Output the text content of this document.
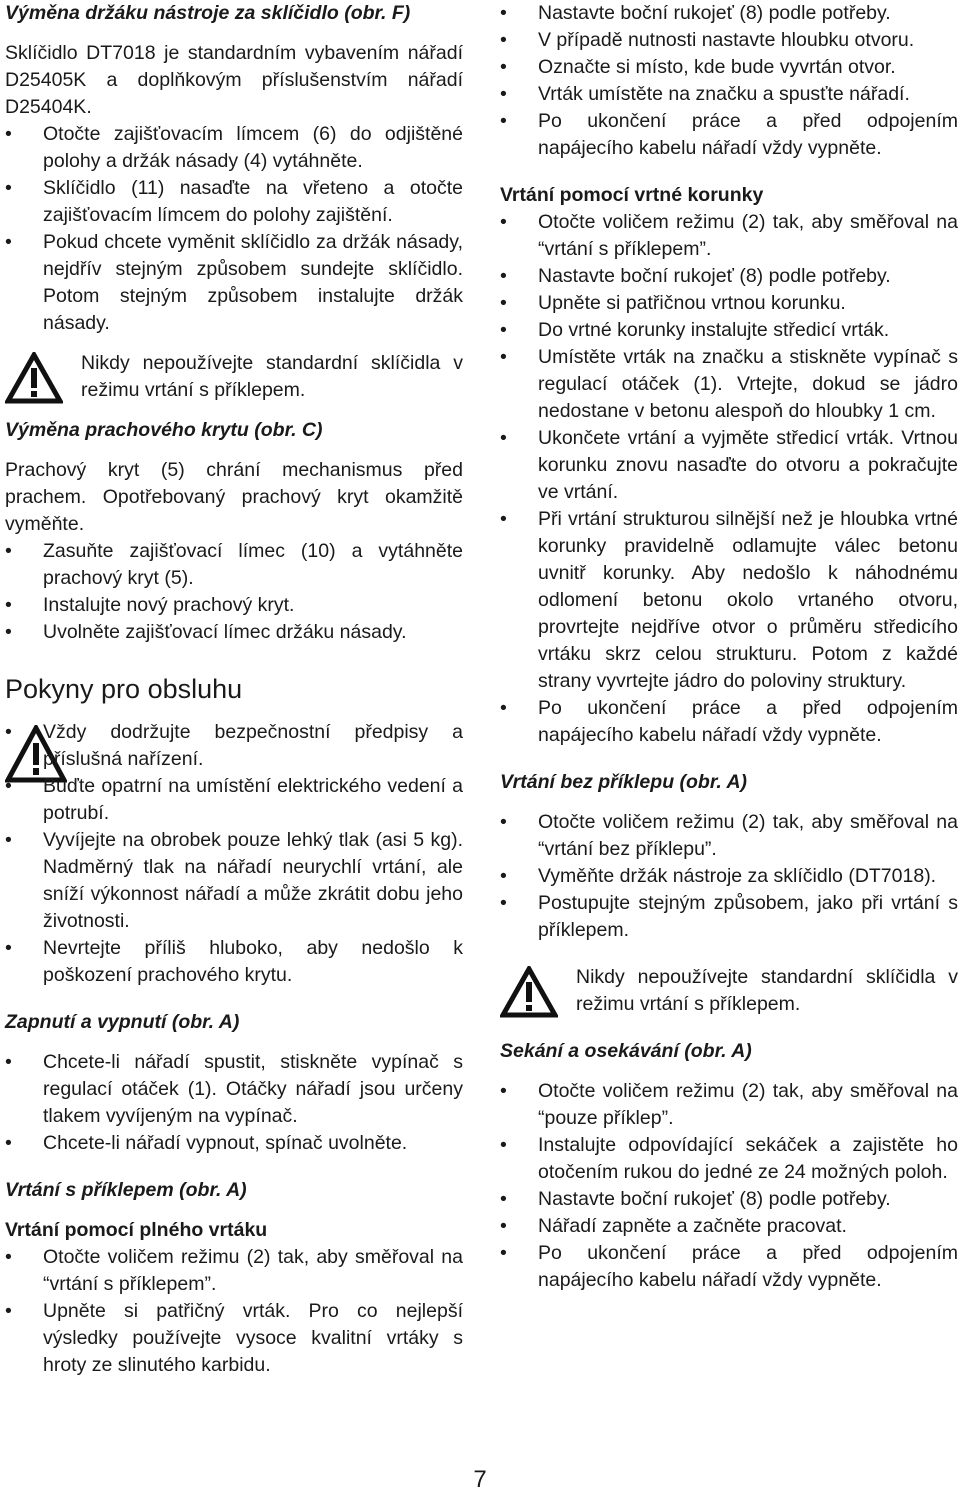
Výměna držáku nástroje za sklíčidlo (obr. F)

Sklíčidlo DT7018 je standardním vybavením nářadí D25405K a doplňkovým příslušenstvím nářadí D25404K.

• Otočte zajišťovacím límcem (6) do odjištěné polohy a držák násady (4) vytáhněte.
• Sklíčidlo (11) nasaďte na vřeteno a otočte zajišťovacím límcem do polohy zajištění.
• Pokud chcete vyměnit sklíčidlo za držák násady, nejdřív stejným způsobem sundejte sklíčidlo. Potom stejným způsobem instalujte držák násady.

Nikdy nepoužívejte standardní sklíčidla v režimu vrtání s příklepem.

Výměna prachového krytu (obr. C)

Prachový kryt (5) chrání mechanismus před prachem. Opotřebovaný prachový kryt okamžitě vyměňte.

• Zasuňte zajišťovací límec (10) a vytáhněte prachový kryt (5).
• Instalujte nový prachový kryt.
• Uvolněte zajišťovací límec držáku násady.
Pokyny pro obsluhu
• Vždy dodržujte bezpečnostní předpisy a příslušná nařízení.
• Buďte opatrní na umístění elektrického vedení a potrubí.
• Vyvíjejte na obrobek pouze lehký tlak (asi 5 kg). Nadměrný tlak na nářadí neurychlí vrtání, ale sníží výkonnost nářadí a může zkrátit dobu jeho životnosti.
• Nevrtejte příliš hluboko, aby nedošlo k poškození prachového krytu.
Zapnutí a vypnutí (obr. A)
• Chcete-li nářadí spustit, stiskněte vypínač s regulací otáček (1). Otáčky nářadí jsou určeny tlakem vyvíjeným na vypínač.
• Chcete-li nářadí vypnout, spínač uvolněte.
Vrtání s příklepem (obr. A)
Vrtání pomocí plného vrtáku
• Otočte voličem režimu (2) tak, aby směřoval na “vrtání s příklepem”.
• Upněte si patřičný vrták. Pro co nejlepší výsledky používejte vysoce kvalitní vrtáky s hroty ze slinutého karbidu.
• Nastavte boční rukojeť (8) podle potřeby.
• V případě nutnosti nastavte hloubku otvoru.
• Označte si místo, kde bude vyvrtán otvor.
• Vrták umístěte na značku a spusťte nářadí.
• Po ukončení práce a před odpojením napájecího kabelu nářadí vždy vypněte.
Vrtání pomocí vrtné korunky
• Otočte voličem režimu (2) tak, aby směřoval na “vrtání s příklepem”.
• Nastavte boční rukojeť (8) podle potřeby.
• Upněte si patřičnou vrtnou korunku.
• Do vrtné korunky instalujte středicí vrták.
• Umístěte vrták na značku a stiskněte vypínač s regulací otáček (1). Vrtejte, dokud se jádro nedostane v betonu alespoň do hloubky 1 cm.
• Ukončete vrtání a vyjměte středicí vrták. Vrtnou korunku znovu nasaďte do otvoru a pokračujte ve vrtání.
• Při vrtání strukturou silnější než je hloubka vrtné korunky pravidelně odlamujte válec betonu uvnitř korunky. Aby nedošlo k náhodnému odlomení betonu okolo vrtaného otvoru, provrtejte nejdříve otvor o průměru středicího vrtáku skrz celou strukturu. Potom z každé strany vyvrtejte jádro do poloviny struktury.
• Po ukončení práce a před odpojením napájecího kabelu nářadí vždy vypněte.
Vrtání bez příklepu (obr. A)
• Otočte voličem režimu (2) tak, aby směřoval na “vrtání bez příklepu”.
• Vyměňte držák nástroje za sklíčidlo (DT7018).
• Postupujte stejným způsobem, jako při vrtání s příklepem.

Nikdy nepoužívejte standardní sklíčidla v režimu vrtání s příklepem.

Sekání a osekávání (obr. A)
• Otočte voličem režimu (2) tak, aby směřoval na “pouze příklep”.
• Instalujte odpovídající sekáček a zajistěte ho otočením rukou do jedné ze 24 možných poloh.
• Nastavte boční rukojeť (8) podle potřeby.
• Nářadí zapněte a začněte pracovat.
• Po ukončení práce a před odpojením napájecího kabelu nářadí vždy vypněte.
7
